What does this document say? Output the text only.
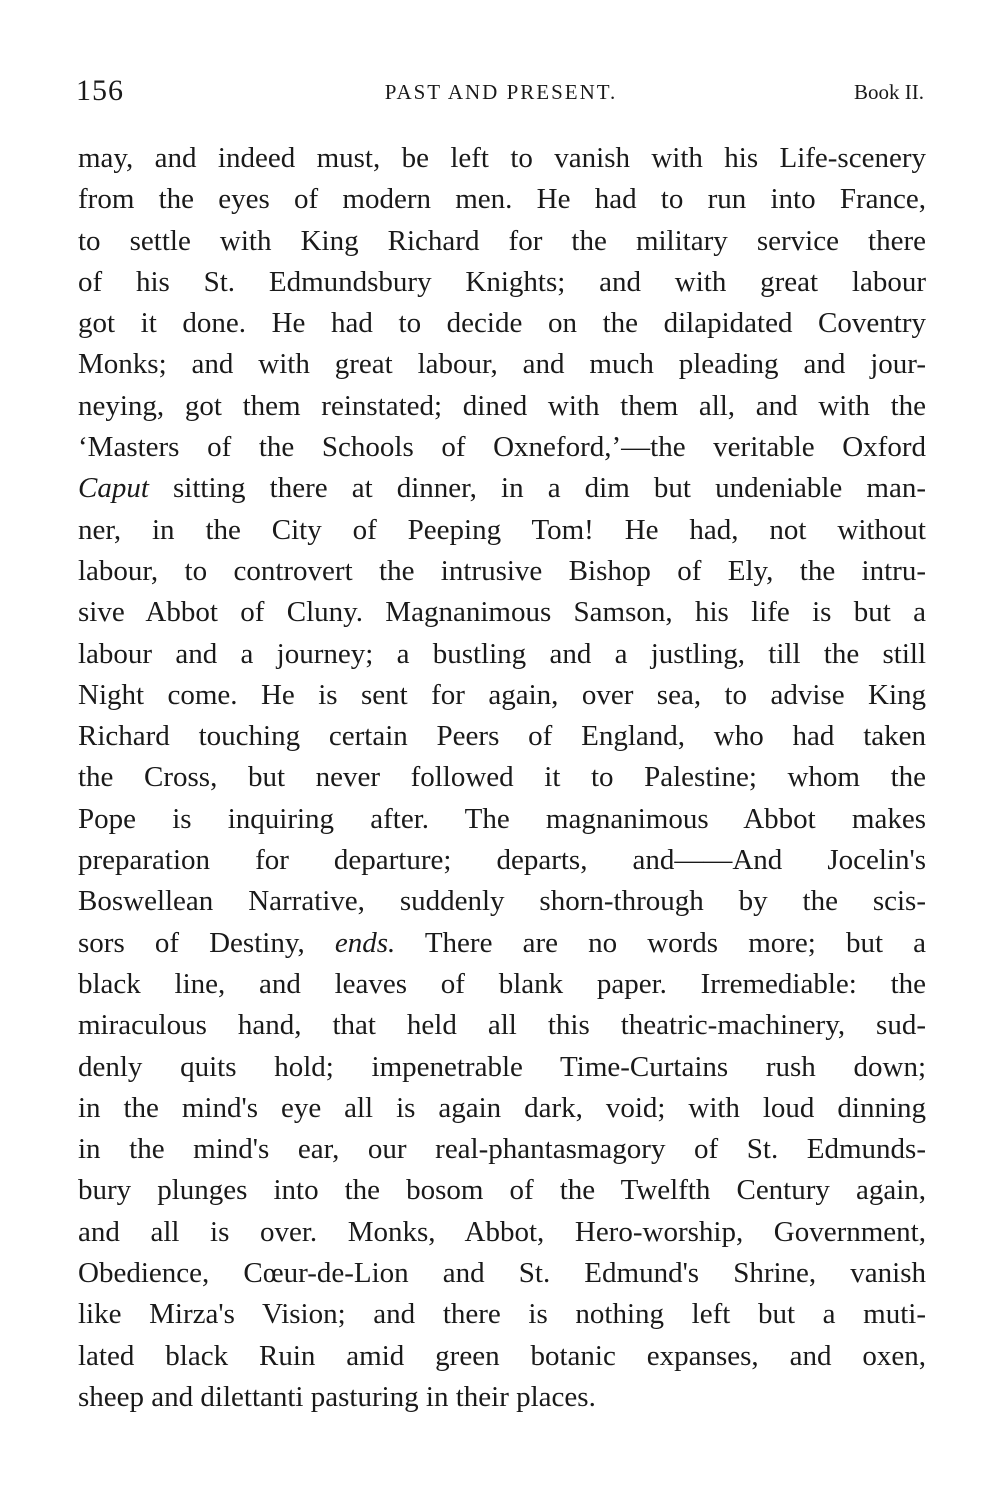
156	PAST AND PRESENT.	Book II.
may, and indeed must, be left to vanish with his Life-scenery
from the eyes of modern men. He had to run into France,
to settle with King Richard for the military service there
of his St. Edmundsbury Knights; and with great labour
got it done. He had to decide on the dilapidated Coventry
Monks; and with great labour, and much pleading and jour-
neying, got them reinstated; dined with them all, and with the
‘Masters of the Schools of Oxneford,’—the veritable Oxford
Caput sitting there at dinner, in a dim but undeniable man-
ner, in the City of Peeping Tom! He had, not without
labour, to controvert the intrusive Bishop of Ely, the intru-
sive Abbot of Cluny. Magnanimous Samson, his life is but a
labour and a journey; a bustling and a justling, till the still
Night come. He is sent for again, over sea, to advise King
Richard touching certain Peers of England, who had taken
the Cross, but never followed it to Palestine; whom the
Pope is inquiring after. The magnanimous Abbot makes
preparation for departure; departs, and——And Jocelin's
Boswellean Narrative, suddenly shorn-through by the scis-
sors of Destiny, ends. There are no words more; but a
black line, and leaves of blank paper. Irremediable: the
miraculous hand, that held all this theatric-machinery, sud-
denly quits hold; impenetrable Time-Curtains rush down;
in the mind's eye all is again dark, void; with loud dinning
in the mind's ear, our real-phantasmagory of St. Edmunds-
bury plunges into the bosom of the Twelfth Century again,
and all is over. Monks, Abbot, Hero-worship, Government,
Obedience, Cœur-de-Lion and St. Edmund's Shrine, vanish
like Mirza's Vision; and there is nothing left but a muti-
lated black Ruin amid green botanic expanses, and oxen,
sheep and dilettanti pasturing in their places.
